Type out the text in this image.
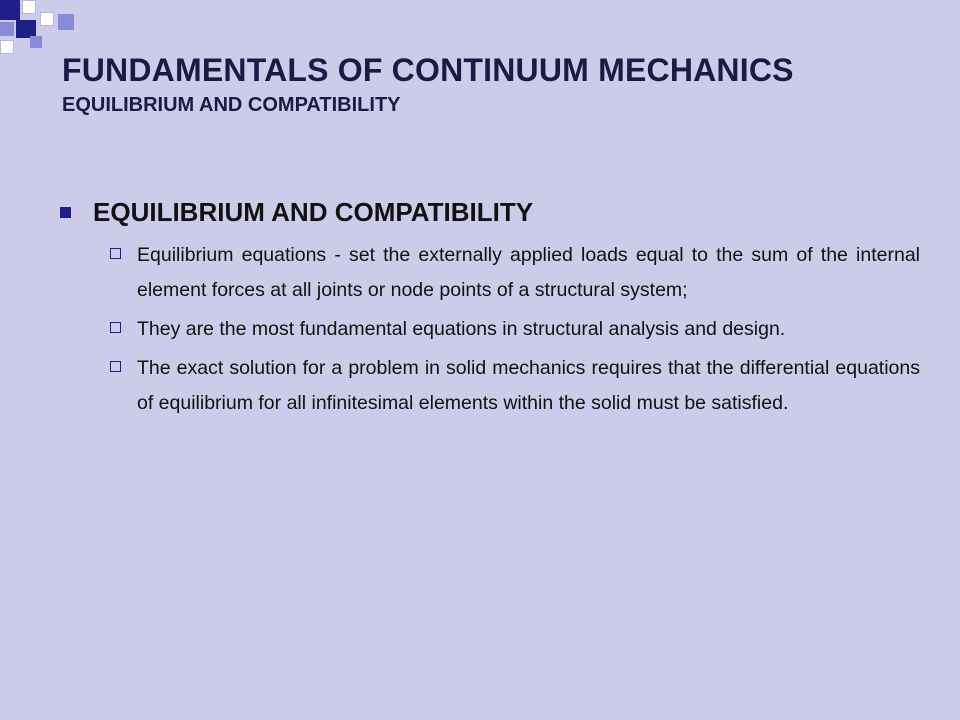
FUNDAMENTALS OF CONTINUUM MECHANICS
EQUILIBRIUM AND COMPATIBILITY
EQUILIBRIUM AND COMPATIBILITY
Equilibrium equations - set the externally applied loads equal to the sum of the internal element forces at all joints or node points of a structural system;
They are the most fundamental equations in structural analysis and design.
The exact solution for a problem in solid mechanics requires that the differential equations of equilibrium for all infinitesimal elements within the solid must be satisfied.
